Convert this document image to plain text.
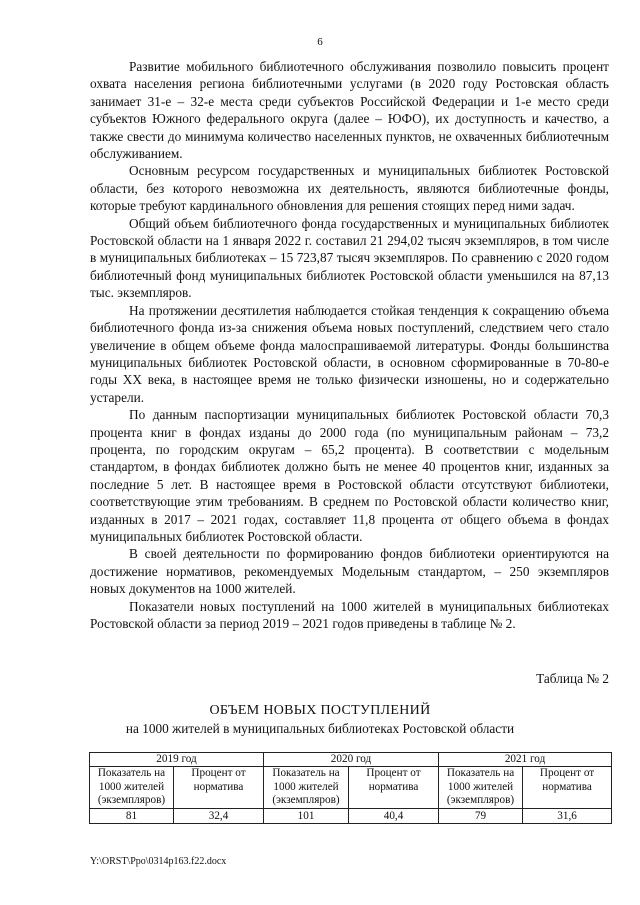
6

Развитие мобильного библиотечного обслуживания позволило повысить процент охвата населения региона библиотечными услугами (в 2020 году Ростовская область занимает 31-е – 32-е места среди субъектов Российской Федерации и 1-е место среди субъектов Южного федерального округа (далее – ЮФО), их доступность и качество, а также свести до минимума количество населенных пунктов, не охваченных библиотечным обслуживанием.

Основным ресурсом государственных и муниципальных библиотек Ростовской области, без которого невозможна их деятельность, являются библиотечные фонды, которые требуют кардинального обновления для решения стоящих перед ними задач.

Общий объем библиотечного фонда государственных и муниципальных библиотек Ростовской области на 1 января 2022 г. составил 21 294,02 тысяч экземпляров, в том числе в муниципальных библиотеках – 15 723,87 тысяч экземпляров. По сравнению с 2020 годом библиотечный фонд муниципальных библиотек Ростовской области уменьшился на 87,13 тыс. экземпляров.

На протяжении десятилетия наблюдается стойкая тенденция к сокращению объема библиотечного фонда из-за снижения объема новых поступлений, следствием чего стало увеличение в общем объеме фонда малоспрашиваемой литературы. Фонды большинства муниципальных библиотек Ростовской области, в основном сформированные в 70-80-е годы XX века, в настоящее время не только физически изношены, но и содержательно устарели.

По данным паспортизации муниципальных библиотек Ростовской области 70,3 процента книг в фондах изданы до 2000 года (по муниципальным районам – 73,2 процента, по городским округам – 65,2 процента). В соответствии с модельным стандартом, в фондах библиотек должно быть не менее 40 процентов книг, изданных за последние 5 лет. В настоящее время в Ростовской области отсутствуют библиотеки, соответствующие этим требованиям. В среднем по Ростовской области количество книг, изданных в 2017 – 2021 годах, составляет 11,8 процента от общего объема в фондах муниципальных библиотек Ростовской области.

В своей деятельности по формированию фондов библиотеки ориентируются на достижение нормативов, рекомендуемых Модельным стандартом, – 250 экземпляров новых документов на 1000 жителей.

Показатели новых поступлений на 1000 жителей в муниципальных библиотеках Ростовской области за период 2019 – 2021 годов приведены в таблице № 2.

Таблица № 2
ОБЪЕМ НОВЫХ ПОСТУПЛЕНИЙ
на 1000 жителей в муниципальных библиотеках Ростовской области
2019 год		2020 год		2021 год	
Показатель на 1000 жителей (экземпляров)	Процент от норматива	Показатель на 1000 жителей (экземпляров)	Процент от норматива	Показатель на 1000 жителей (экземпляров)	Процент от норматива
81	32,4	101	40,4	79	31,6
Y:\ORST\Ppo\0314p163.f22.docx
